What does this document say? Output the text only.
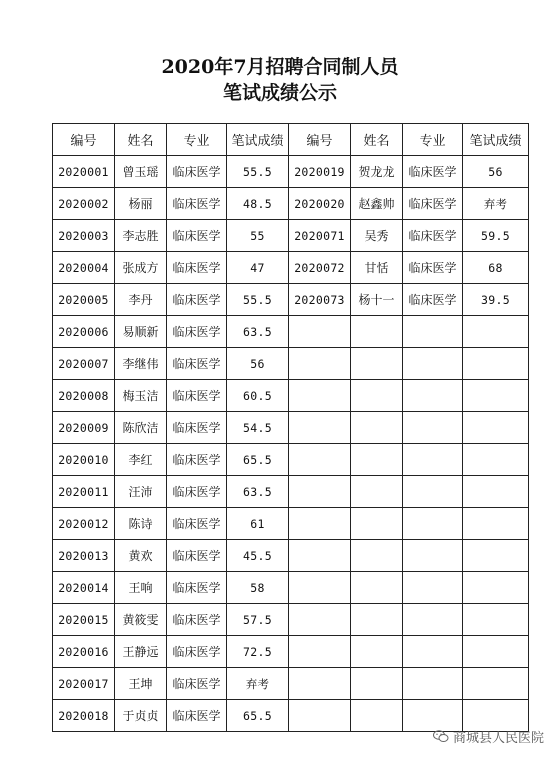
2020年7月招聘合同制人员
笔试成绩公示
编号	姓名	专业	笔试成绩	编号	姓名	专业	笔试成绩
2020001	曾玉瑶	临床医学	55.5	2020019	贺龙龙	临床医学	56
2020002	杨丽	临床医学	48.5	2020020	赵鑫帅	临床医学	弃考
2020003	李志胜	临床医学	55	2020071	吴秀	临床医学	59.5
2020004	张成方	临床医学	47	2020072	甘恬	临床医学	68
2020005	李丹	临床医学	55.5	2020073	杨十一	临床医学	39.5
2020006	易顺新	临床医学	63.5				
2020007	李继伟	临床医学	56				
2020008	梅玉洁	临床医学	60.5				
2020009	陈欣洁	临床医学	54.5				
2020010	李红	临床医学	65.5				
2020011	汪沛	临床医学	63.5				
2020012	陈诗	临床医学	61				
2020013	黄欢	临床医学	45.5				
2020014	王响	临床医学	58				
2020015	黄筱雯	临床医学	57.5				
2020016	王静远	临床医学	72.5				
2020017	王坤	临床医学	弃考				
2020018	于贞贞	临床医学	65.5				
商城县人民医院
